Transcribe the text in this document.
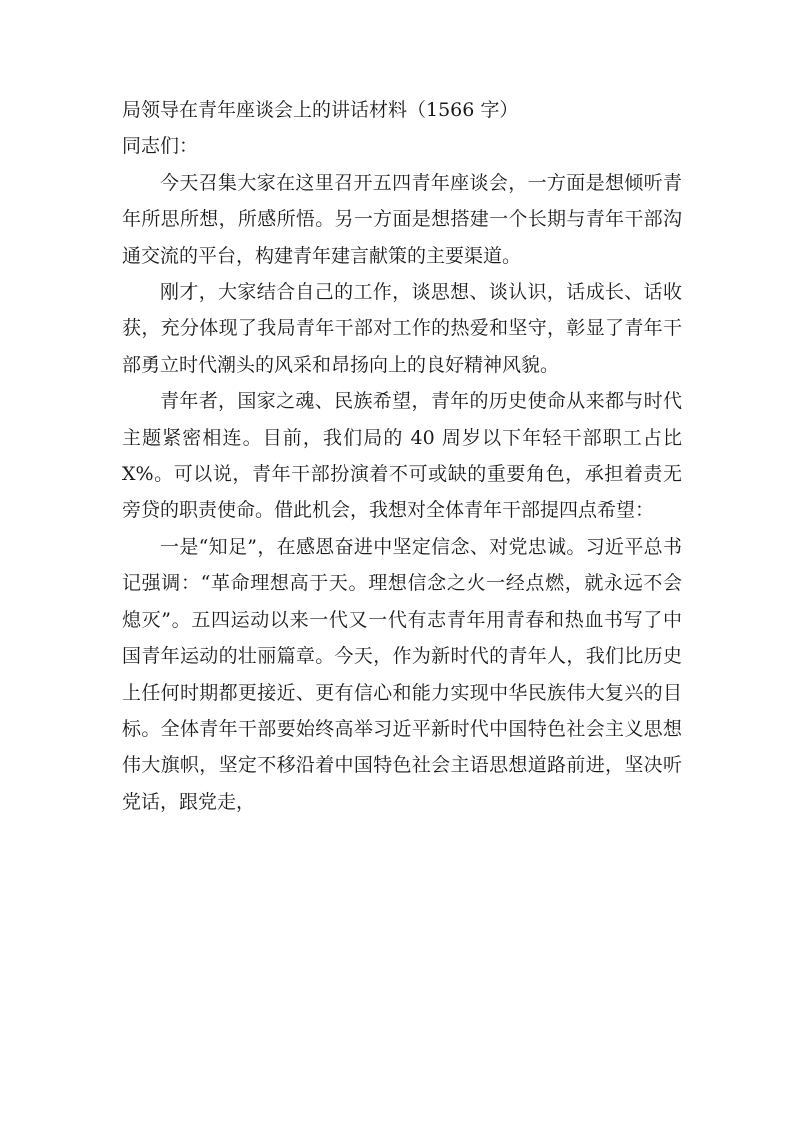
局领导在青年座谈会上的讲话材料（1566 字）

同志们：

今天召集大家在这里召开五四青年座谈会，一方面是想倾听青年所思所想，所感所悟。另一方面是想搭建一个长期与青年干部沟通交流的平台，构建青年建言献策的主要渠道。

刚才，大家结合自己的工作，谈思想、谈认识，话成长、话收获，充分体现了我局青年干部对工作的热爱和坚守，彰显了青年干部勇立时代潮头的风采和昂扬向上的良好精神风貌。

青年者，国家之魂、民族希望，青年的历史使命从来都与时代主题紧密相连。目前，我们局的 40 周岁以下年轻干部职工占比 X%。可以说，青年干部扮演着不可或缺的重要角色，承担着责无旁贷的职责使命。借此机会，我想对全体青年干部提四点希望：

一是“知足”，在感恩奋进中坚定信念、对党忠诚。习近平总书记强调：“革命理想高于天。理想信念之火一经点燃，就永远不会熄灭”。五四运动以来一代又一代有志青年用青春和热血书写了中国青年运动的壮丽篇章。今天，作为新时代的青年人，我们比历史上任何时期都更接近、更有信心和能力实现中华民族伟大复兴的目标。全体青年干部要始终高举习近平新时代中国特色社会主义思想伟大旗帜，坚定不移沿着中国特色社会主语思想道路前进，坚决听党话，跟党走，
